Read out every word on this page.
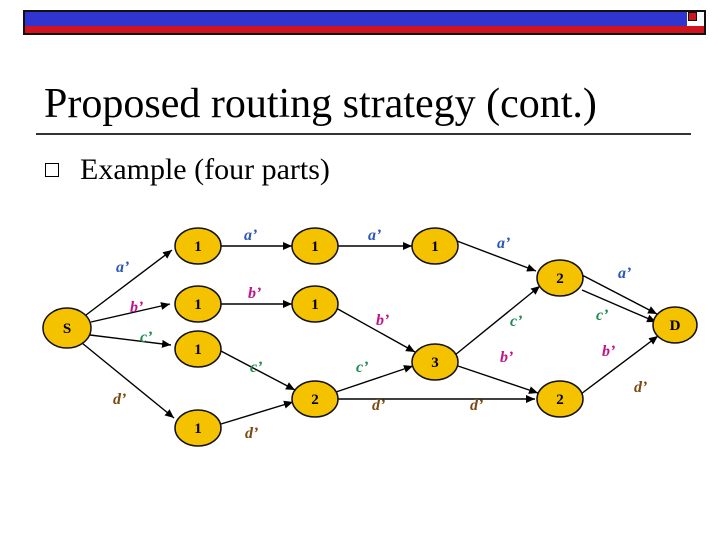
Proposed routing strategy (cont.)
Example (four parts)
S	D
1	1	1
1	1
1
1
2
3
2
2
a’
a’	a’	a’
a’
b’
b’
b’
b’	b’
c’
c’	c’
c’	c’
d’
d’
d’	d’
d’
